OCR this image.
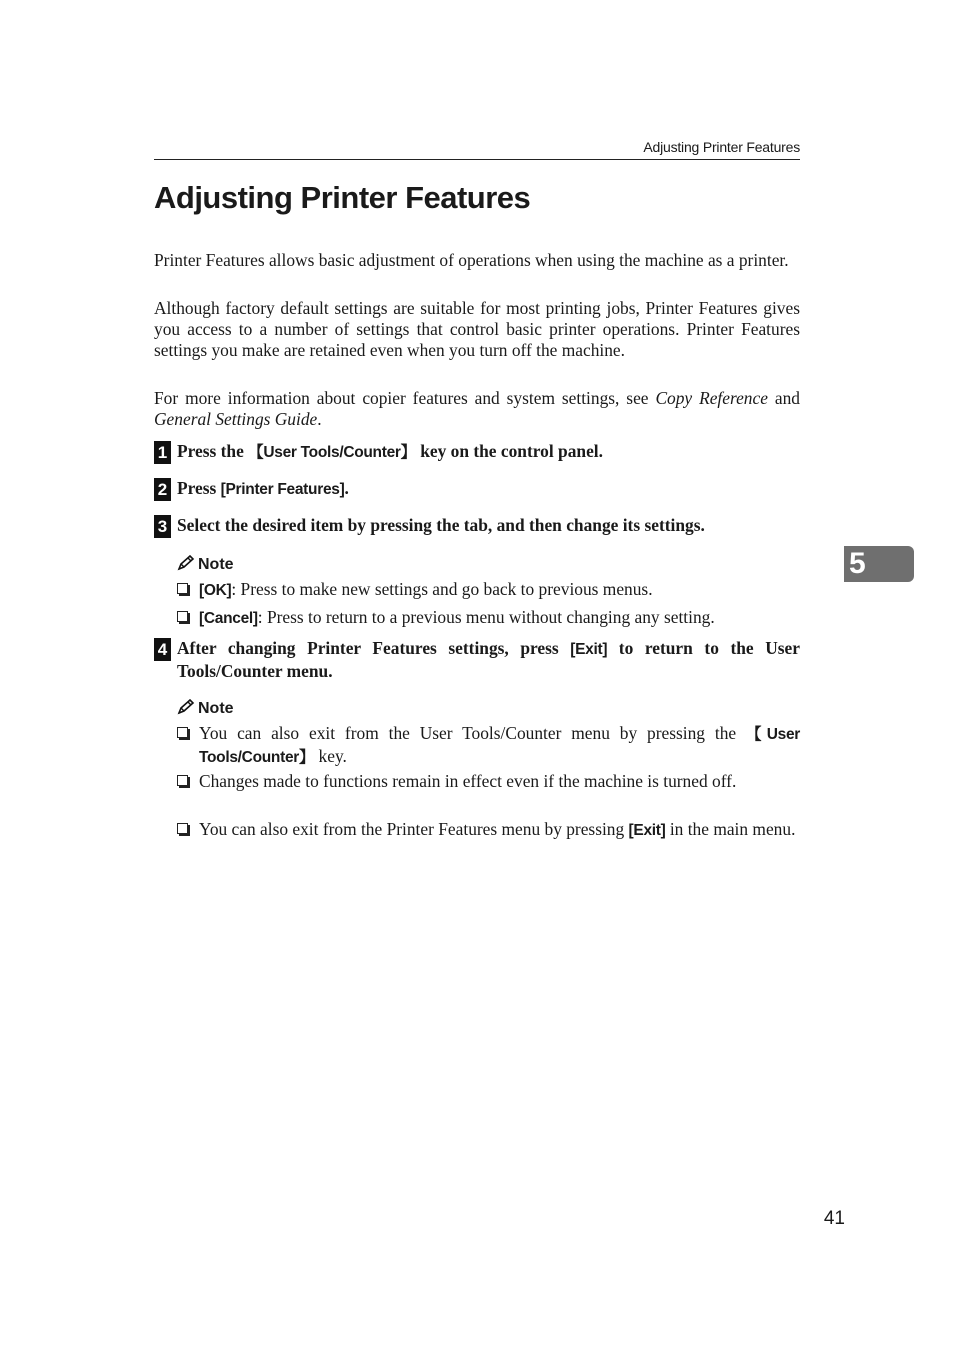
Adjusting Printer Features
Adjusting Printer Features

Printer Features allows basic adjustment of operations when using the machine as a printer.

Although factory default settings are suitable for most printing jobs, Printer Features gives you access to a number of settings that control basic printer operations. Printer Features settings you make are retained even when you turn off the machine.

For more information about copier features and system settings, see Copy Reference and General Settings Guide.

1 Press the 【User Tools/Counter】 key on the control panel.

2 Press [Printer Features].

3 Select the desired item by pressing the tab, and then change its settings.

Note

[OK]: Press to make new settings and go back to previous menus.

[Cancel]: Press to return to a previous menu without changing any setting.

4 After changing Printer Features settings, press [Exit] to return to the User Tools/Counter menu.

Note

You can also exit from the User Tools/Counter menu by pressing the 【User Tools/Counter】 key.

Changes made to functions remain in effect even if the machine is turned off.

You can also exit from the Printer Features menu by pressing [Exit] in the main menu.

5
41
